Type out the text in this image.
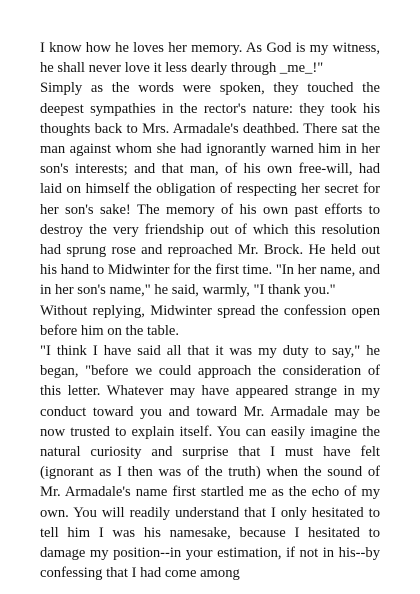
I know how he loves her memory. As God is my witness, he shall never love it less dearly through _me_!"

Simply as the words were spoken, they touched the deepest sympathies in the rector's nature: they took his thoughts back to Mrs. Armadale's deathbed. There sat the man against whom she had ignorantly warned him in her son's interests; and that man, of his own free-will, had laid on himself the obligation of respecting her secret for her son's sake! The memory of his own past efforts to destroy the very friendship out of which this resolution had sprung rose and reproached Mr. Brock. He held out his hand to Midwinter for the first time. "In her name, and in her son's name," he said, warmly, "I thank you."

Without replying, Midwinter spread the confession open before him on the table.

"I think I have said all that it was my duty to say," he began, "before we could approach the consideration of this letter. Whatever may have appeared strange in my conduct toward you and toward Mr. Armadale may be now trusted to explain itself. You can easily imagine the natural curiosity and surprise that I must have felt (ignorant as I then was of the truth) when the sound of Mr. Armadale's name first startled me as the echo of my own. You will readily understand that I only hesitated to tell him I was his namesake, because I hesitated to damage my position--in your estimation, if not in his--by confessing that I had come among
